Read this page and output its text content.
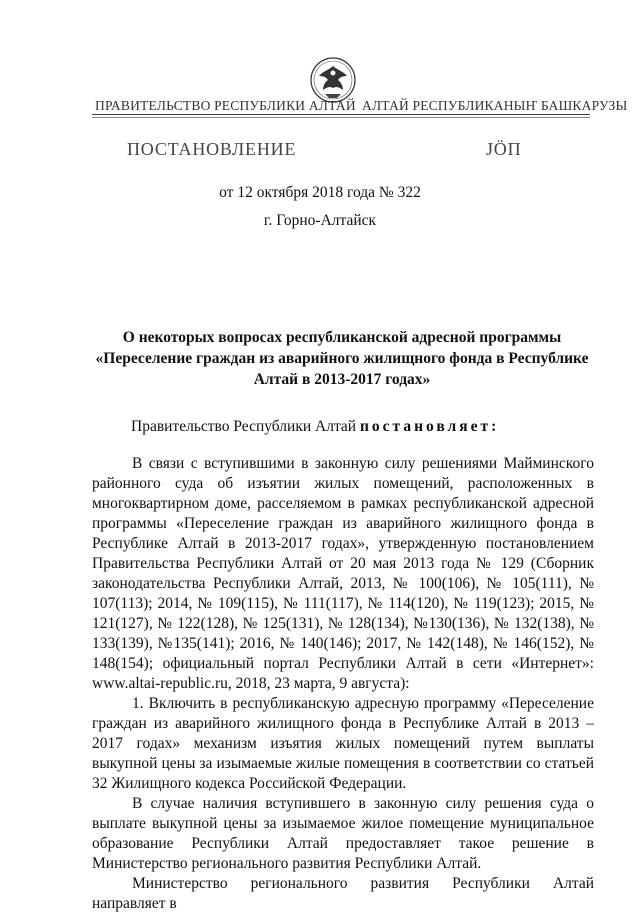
ПРАВИТЕЛЬСТВО РЕСПУБЛИКИ АЛТАЙ АЛТАЙ РЕСПУБЛИКАНЫҤ БАШКАРУЗЫ
ПОСТАНОВЛЕНИЕ	ЈӦП
от 12 октября 2018 года № 322
г. Горно-Алтайск
О некоторых вопросах республиканской адресной программы
«Переселение граждан из аварийного жилищного фонда в Республике
Алтай в 2013-2017 годах»
Правительство Республики Алтай постановляет:

В связи с вступившими в законную силу решениями Майминского районного суда об изъятии жилых помещений, расположенных в многоквартирном доме, расселяемом в рамках республиканской адресной программы «Переселение граждан из аварийного жилищного фонда в Республике Алтай в 2013-2017 годах», утвержденную постановлением Правительства Республики Алтай от 20 мая 2013 года № 129 (Сборник законодательства Республики Алтай, 2013, № 100(106), № 105(111), № 107(113); 2014, № 109(115), № 111(117), № 114(120), № 119(123); 2015, № 121(127), № 122(128), № 125(131), № 128(134), №130(136), № 132(138), № 133(139), №135(141); 2016, № 140(146); 2017, № 142(148), № 146(152), № 148(154); официальный портал Республики Алтай в сети «Интернет»: www.altai-republic.ru, 2018, 23 марта, 9 августа):

1. Включить в республиканскую адресную программу «Переселение граждан из аварийного жилищного фонда в Республике Алтай в 2013 – 2017 годах» механизм изъятия жилых помещений путем выплаты выкупной цены за изымаемые жилые помещения в соответствии со статьей 32 Жилищного кодекса Российской Федерации.

В случае наличия вступившего в законную силу решения суда о выплате выкупной цены за изымаемое жилое помещение муниципальное образование Республики Алтай предоставляет такое решение в Министерство регионального развития Республики Алтай.

Министерство регионального развития Республики Алтай направляет в
